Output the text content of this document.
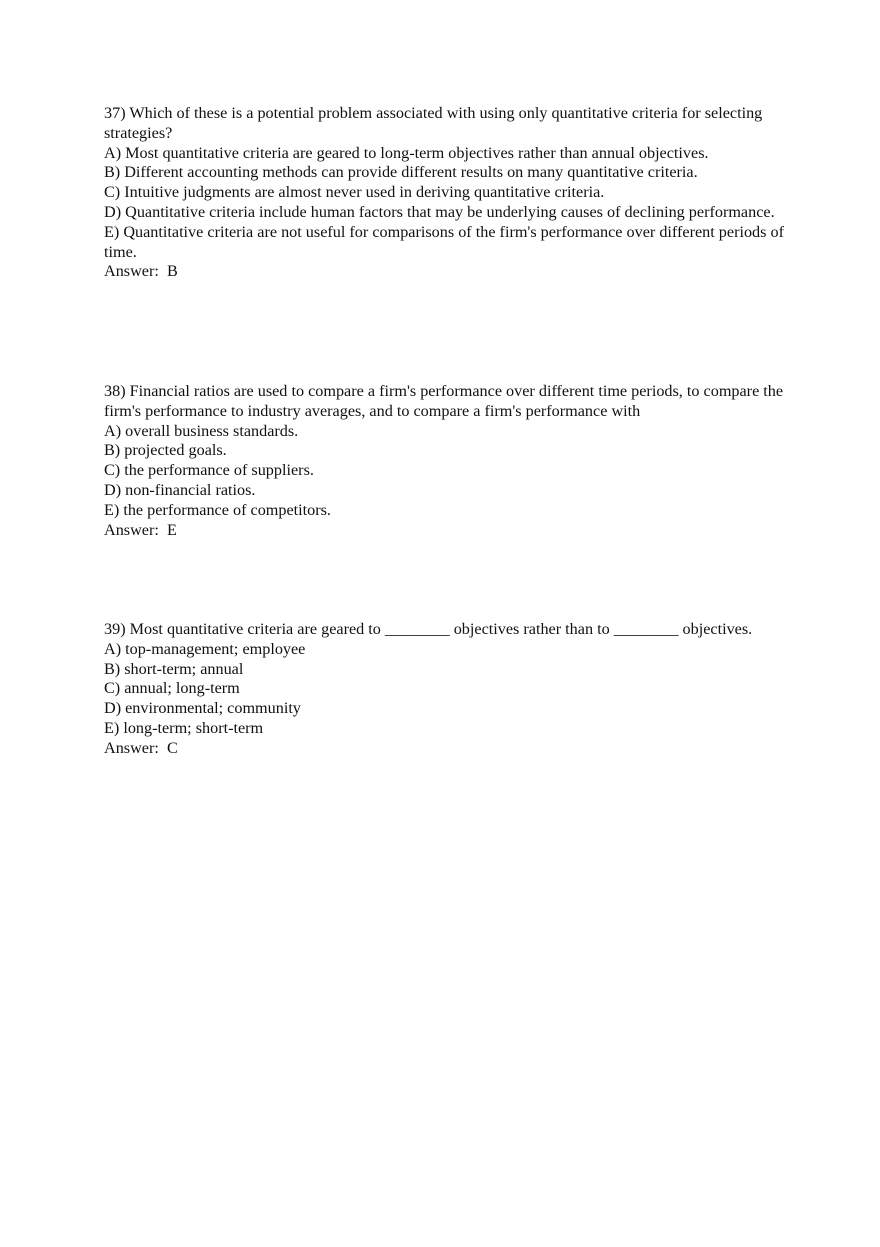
37) Which of these is a potential problem associated with using only quantitative criteria for selecting strategies?
A) Most quantitative criteria are geared to long-term objectives rather than annual objectives.
B) Different accounting methods can provide different results on many quantitative criteria.
C) Intuitive judgments are almost never used in deriving quantitative criteria.
D) Quantitative criteria include human factors that may be underlying causes of declining performance.
E) Quantitative criteria are not useful for comparisons of the firm's performance over different periods of time.
Answer:  B
38) Financial ratios are used to compare a firm's performance over different time periods, to compare the firm's performance to industry averages, and to compare a firm's performance with
A) overall business standards.
B) projected goals.
C) the performance of suppliers.
D) non-financial ratios.
E) the performance of competitors.
Answer:  E
39) Most quantitative criteria are geared to ________ objectives rather than to ________ objectives.
A) top-management; employee
B) short-term; annual
C) annual; long-term
D) environmental; community
E) long-term; short-term
Answer:  C
